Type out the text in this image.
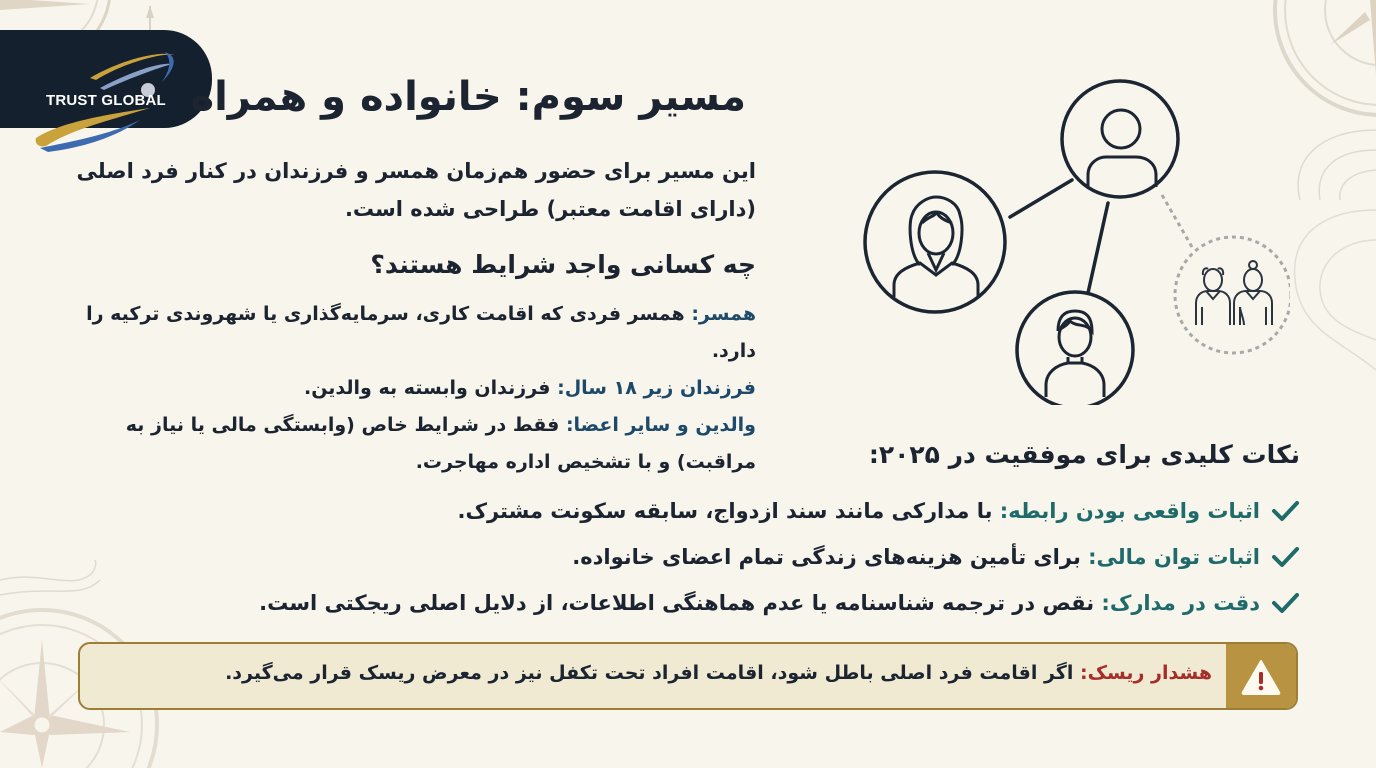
TRUST GLOBAL مسیر سوم: خانواده و همراه

این مسیر برای حضور هم‌زمان همسر و فرزندان در کنار فرد اصلی (دارای اقامت معتبر) طراحی شده است.

چه کسانی واجد شرایط هستند؟
همسر: همسر فردی که اقامت کاری، سرمایه‌گذاری یا شهروندی ترکیه را دارد.
فرزندان زیر ۱۸ سال: فرزندان وابسته به والدین.
والدین و سایر اعضا: فقط در شرایط خاص (وابستگی مالی یا نیاز به مراقبت) و با تشخیص اداره مهاجرت.	نکات کلیدی برای موفقیت در ۲۰۲۵:
اثبات واقعی بودن رابطه: با مدارکی مانند سند ازدواج، سابقه سکونت مشترک.
اثبات توان مالی: برای تأمین هزینه‌های زندگی تمام اعضای خانواده.
دقت در مدارک: نقص در ترجمه شناسنامه یا عدم هماهنگی اطلاعات، از دلایل اصلی ریجکتی است.
هشدار ریسک: اگر اقامت فرد اصلی باطل شود، اقامت افراد تحت تکفل نیز در معرض ریسک قرار می‌گیرد.
